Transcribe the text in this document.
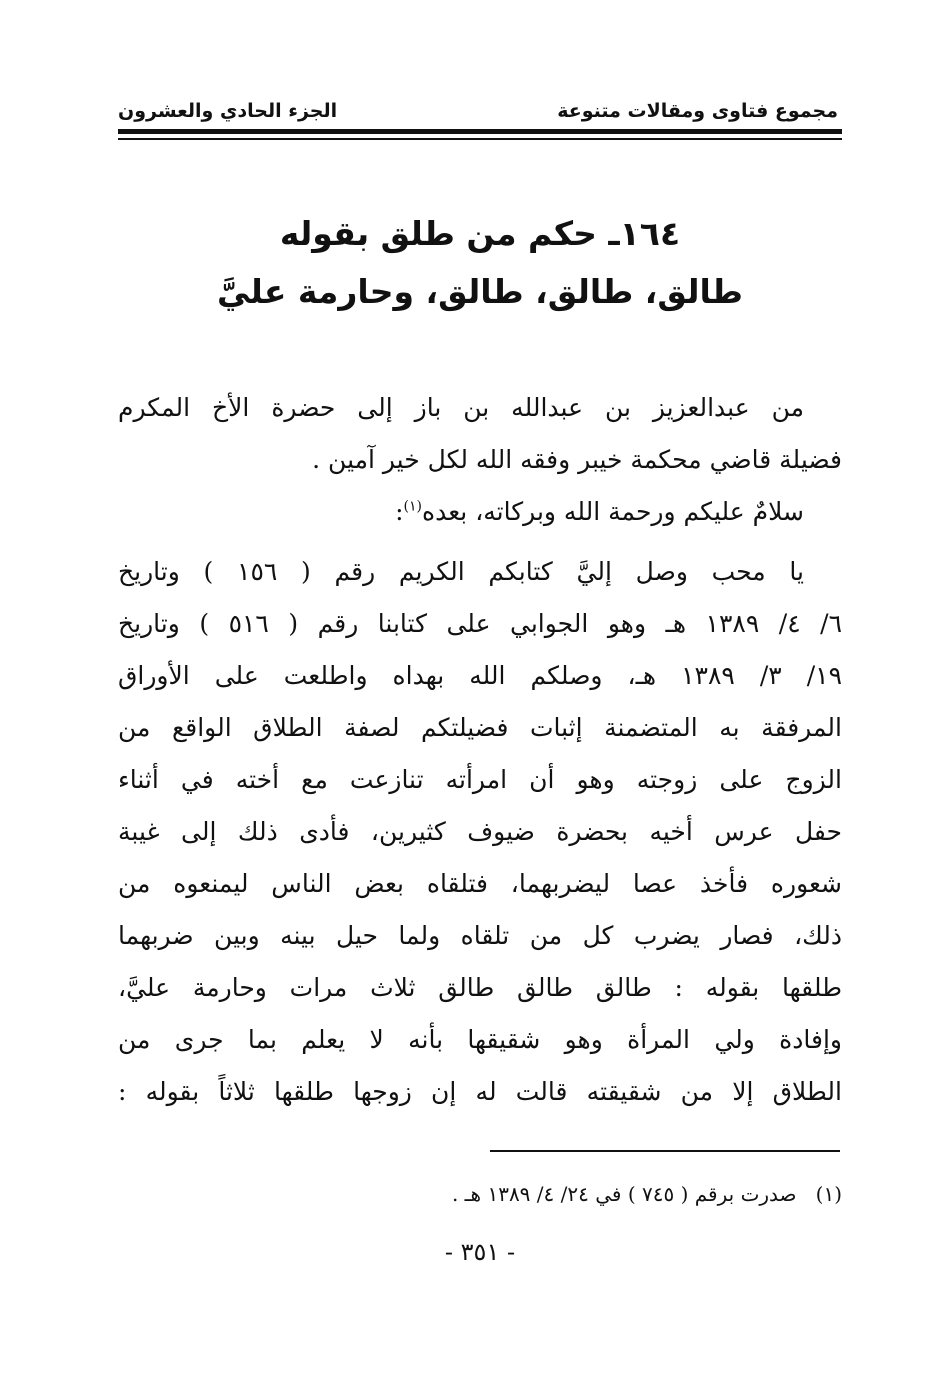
مجموع فتاوى ومقالات متنوعة
الجزء الحادي والعشرون
١٦٤ـ حكم من طلق بقوله
طالق، طالق، طالق، وحارمة عليَّ
من عبدالعزيز بن عبدالله بن باز إلى حضرة الأخ المكرم
فضيلة قاضي محكمة خيبر وفقه الله لكل خير آمين .
سلامٌ عليكم ورحمة الله وبركاته، بعده$^{(١)}$:
يا محب وصل إليَّ كتابكم الكريم رقم ( ١٥٦ ) وتاريخ
٦/ ٤/ ١٣٨٩ هـ وهو الجوابي على كتابنا رقم ( ٥١٦ ) وتاريخ
١٩/ ٣/ ١٣٨٩ هـ، وصلكم الله بهداه واطلعت على الأوراق
المرفقة به المتضمنة إثبات فضيلتكم لصفة الطلاق الواقع من
الزوج على زوجته وهو أن امرأته تنازعت مع أخته في أثناء
حفل عرس أخيه بحضرة ضيوف كثيرين، فأدى ذلك إلى غيبة
شعوره فأخذ عصا ليضربهما، فتلقاه بعض الناس ليمنعوه من
ذلك، فصار يضرب كل من تلقاه ولما حيل بينه وبين ضربهما
طلقها بقوله : طالق طالق طالق ثلاث مرات وحارمة عليَّ،
وإفادة ولي المرأة وهو شقيقها بأنه لا يعلم بما جرى من
الطلاق إلا من شقيقته قالت له إن زوجها طلقها ثلاثاً بقوله :
(١)   صدرت برقم ( ٧٤٥ ) في ٢٤/ ٤/ ١٣٨٩ هـ .
- ٣٥١ -
